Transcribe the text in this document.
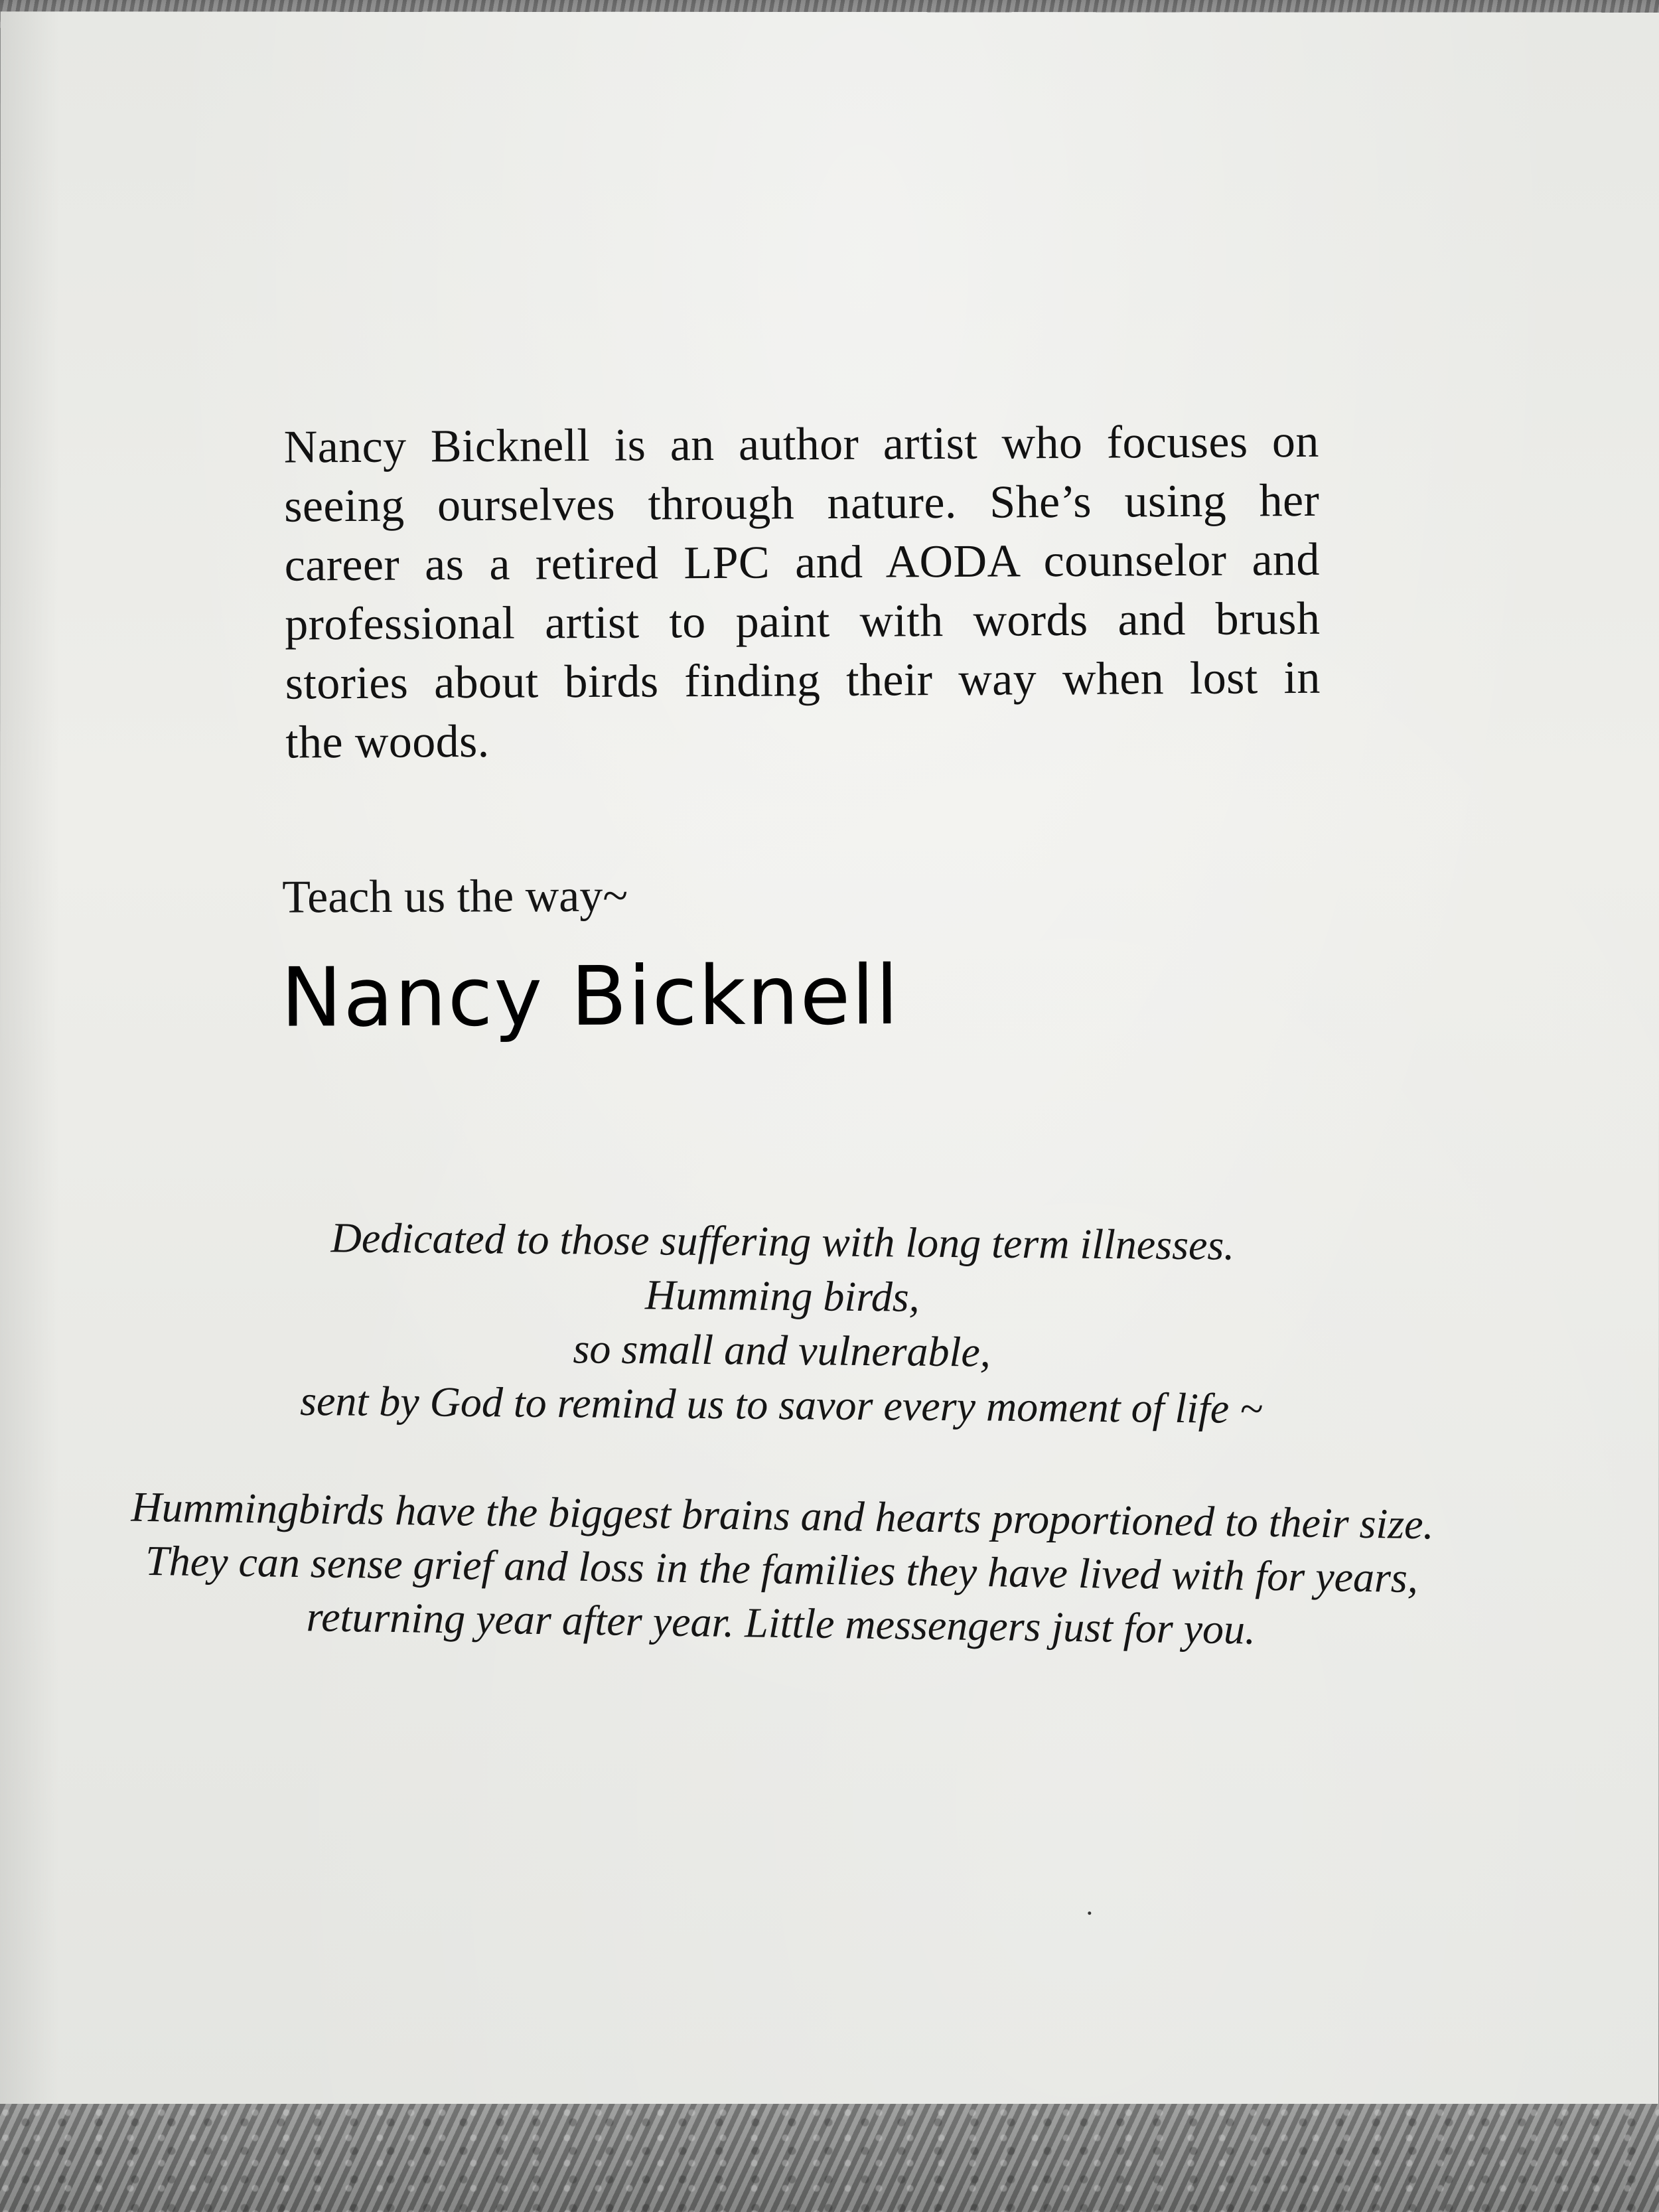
Nancy Bicknell is an author artist who focuses on
seeing ourselves through nature. She’s using her
career as a retired LPC and AODA counselor and
professional artist to paint with words and brush
stories about birds finding their way when lost in
the woods.

Teach us the way~

Nancy Bicknell

Dedicated to those suffering with long term illnesses.
Humming birds,
so small and vulnerable,
sent by God to remind us to savor every moment of life ~

Hummingbirds have the biggest brains and hearts proportioned to their size.
They can sense grief and loss in the families they have lived with for years,
returning year after year. Little messengers just for you.
